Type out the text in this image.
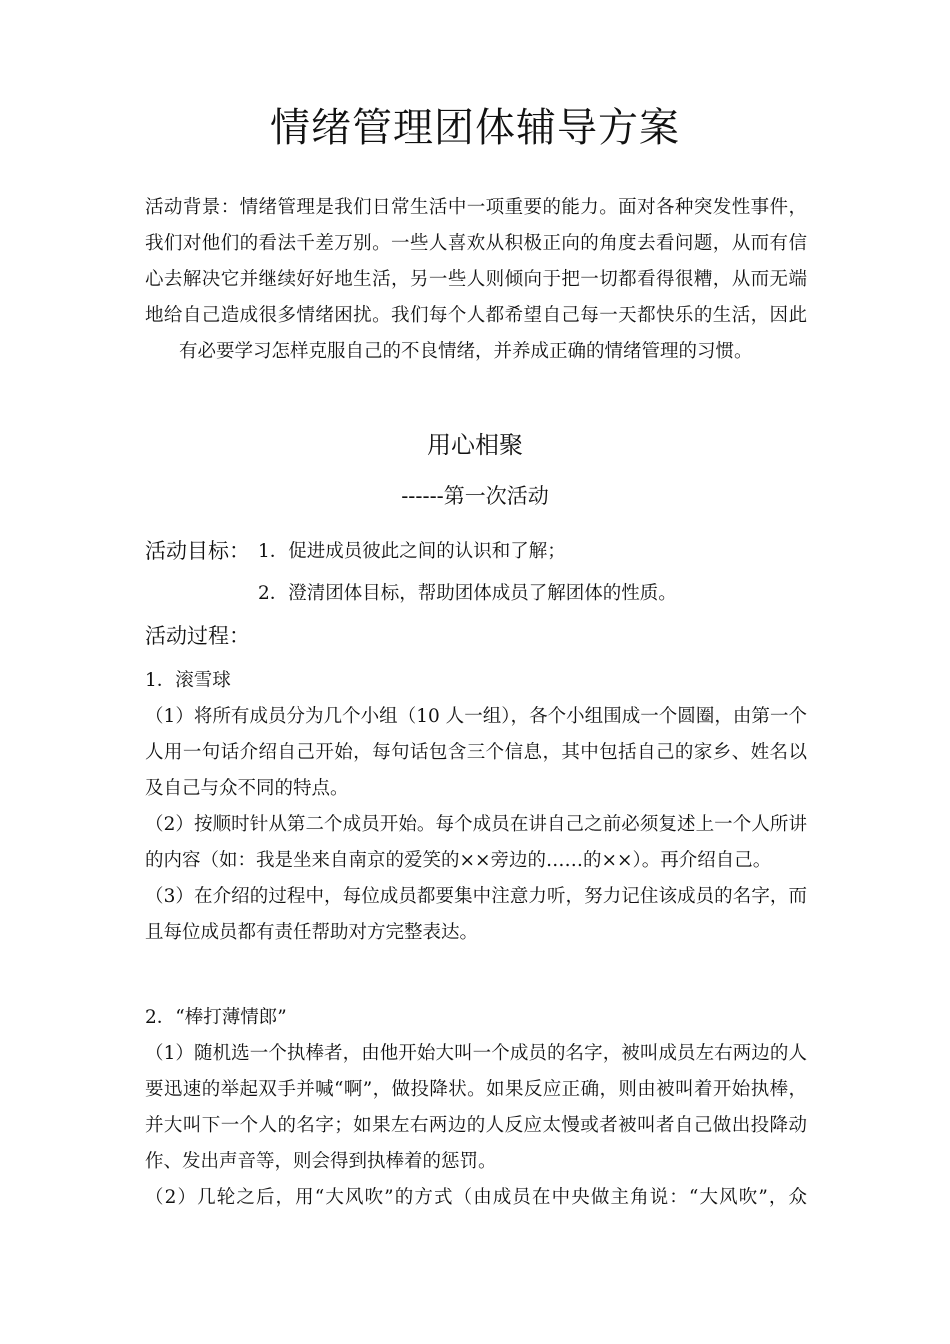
情绪管理团体辅导方案
活动背景：情绪管理是我们日常生活中一项重要的能力。面对各种突发性事件，我们对他们的看法千差万别。一些人喜欢从积极正向的角度去看问题，从而有信心去解决它并继续好好地生活，另一些人则倾向于把一切都看得很糟，从而无端地给自己造成很多情绪困扰。我们每个人都希望自己每一天都快乐的生活，因此
有必要学习怎样克服自己的不良情绪，并养成正确的情绪管理的习惯。
用心相聚
------第一次活动
活动目标： 1．促进成员彼此之间的认识和了解；
2．澄清团体目标，帮助团体成员了解团体的性质。
活动过程：

1．滚雪球

（1）将所有成员分为几个小组（10 人一组），各个小组围成一个圆圈，由第一个人用一句话介绍自己开始，每句话包含三个信息，其中包括自己的家乡、姓名以及自己与众不同的特点。

（2）按顺时针从第二个成员开始。每个成员在讲自己之前必须复述上一个人所讲的内容（如：我是坐来自南京的爱笑的××旁边的……的××）。再介绍自己。

（3）在介绍的过程中，每位成员都要集中注意力听，努力记住该成员的名字，而且每位成员都有责任帮助对方完整表达。

2．“棒打薄情郎”

（1）随机选一个执棒者，由他开始大叫一个成员的名字，被叫成员左右两边的人要迅速的举起双手并喊“啊”，做投降状。如果反应正确，则由被叫着开始执棒，并大叫下一个人的名字；如果左右两边的人反应太慢或者被叫者自己做出投降动作、发出声音等，则会得到执棒着的惩罚。

（2）几轮之后，用“大风吹”的方式（由成员在中央做主角说：“大风吹”，众
